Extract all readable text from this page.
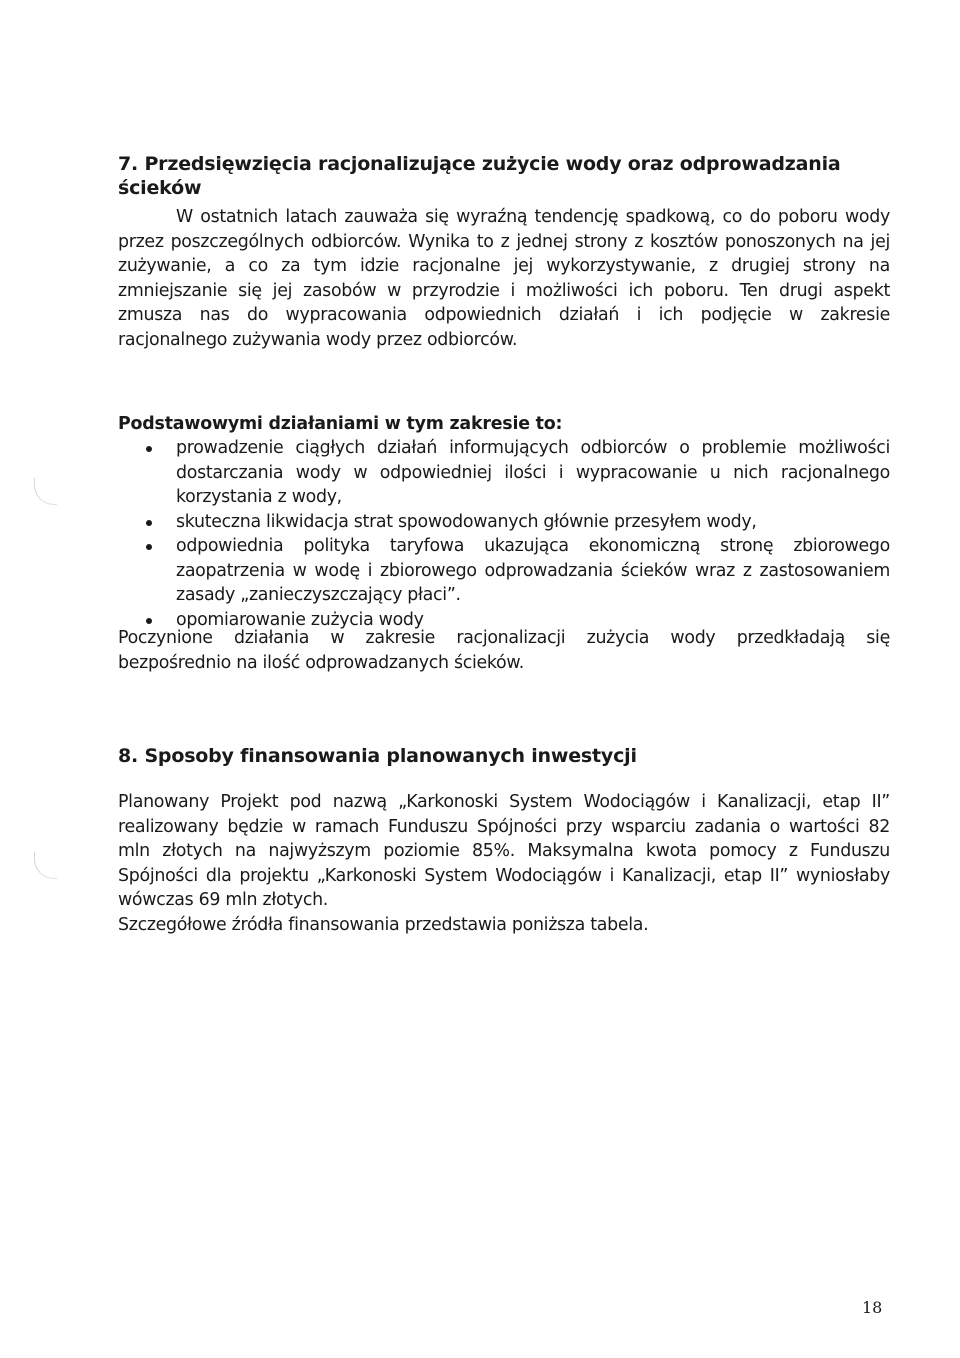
7. Przedsięwzięcia racjonalizujące zużycie wody oraz odprowadzania ścieków
W ostatnich latach zauważa się wyraźną tendencję spadkową, co do poboru wody
przez poszczególnych odbiorców. Wynika to z jednej strony z kosztów ponoszonych na jej
zużywanie, a co za tym idzie racjonalne jej wykorzystywanie, z drugiej strony na
zmniejszanie się jej zasobów w przyrodzie i możliwości ich poboru. Ten drugi aspekt
zmusza nas do wypracowania odpowiednich działań i ich podjęcie w zakresie
racjonalnego zużywania wody przez odbiorców.
Podstawowymi działaniami w tym zakresie to:
prowadzenie ciągłych działań informujących odbiorców o problemie możliwości
dostarczania wody w odpowiedniej ilości i wypracowanie u nich racjonalnego
korzystania z wody,
skuteczna likwidacja strat spowodowanych głównie przesyłem wody,
odpowiednia polityka taryfowa ukazująca ekonomiczną stronę zbiorowego
zaopatrzenia w wodę i zbiorowego odprowadzania ścieków wraz z zastosowaniem
zasady „zanieczyszczający płaci”.
opomiarowanie zużycia wody
Poczynione działania w zakresie racjonalizacji zużycia wody przedkładają się
bezpośrednio na ilość odprowadzanych ścieków.
8. Sposoby finansowania planowanych inwestycji
Planowany Projekt pod nazwą „Karkonoski System Wodociągów i Kanalizacji, etap II”
realizowany będzie w ramach Funduszu Spójności przy wsparciu zadania o wartości 82
mln złotych na najwyższym poziomie 85%. Maksymalna kwota pomocy z Funduszu
Spójności dla projektu „Karkonoski System Wodociągów i Kanalizacji, etap II” wyniosłaby
wówczas 69 mln złotych.
Szczegółowe źródła finansowania przedstawia poniższa tabela.
18
